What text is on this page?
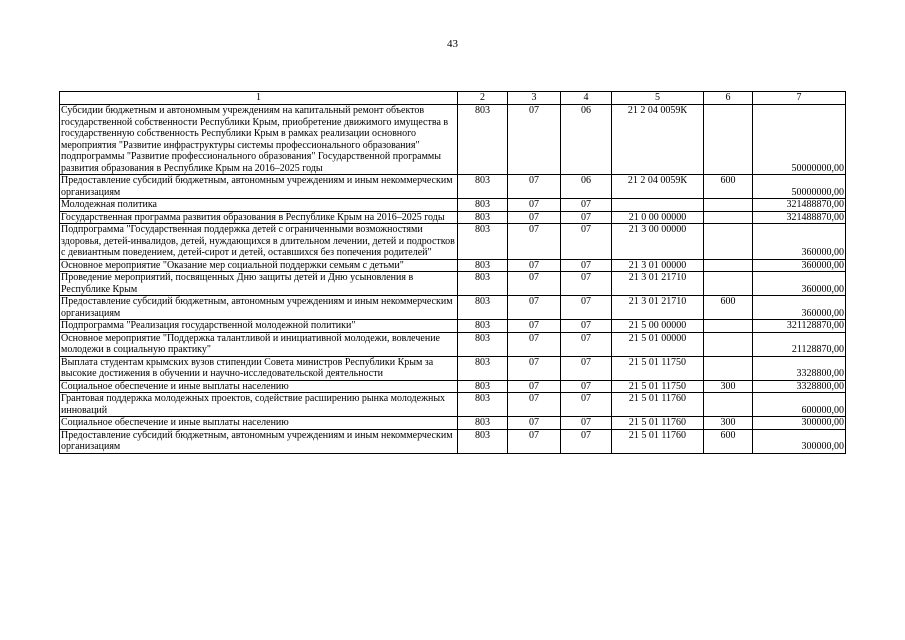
43
1	2	3	4	5	6	7
Субсидии бюджетным и автономным учреждениям на капитальный ремонт объектов государственной собственности Республики Крым, приобретение движимого имущества в государственную собственность Республики Крым в рамках реализации основного мероприятия "Развитие инфраструктуры системы профессионального образования" подпрограммы "Развитие профессионального образования" Государственной программы развития образования в Республике Крым на 2016–2025 годы	803	07	06	21 2 04 0059К		50000000,00
Предоставление субсидий бюджетным, автономным учреждениям и иным некоммерческим организациям	803	07	06	21 2 04 0059К	600	50000000,00
Молодежная политика	803	07	07			321488870,00
Государственная программа развития образования в Республике Крым на 2016–2025 годы	803	07	07	21 0 00 00000		321488870,00
Подпрограмма "Государственная поддержка детей с ограниченными возможностями здоровья, детей-инвалидов, детей, нуждающихся в длительном лечении, детей и подростков с девиантным поведением, детей-сирот и детей, оставшихся без попечения родителей"	803	07	07	21 3 00 00000		360000,00
Основное мероприятие "Оказание мер социальной поддержки семьям с детьми"	803	07	07	21 3 01 00000		360000,00
Проведение мероприятий, посвященных Дню защиты детей и Дню усыновления в Республике Крым	803	07	07	21 3 01 21710		360000,00
Предоставление субсидий бюджетным, автономным учреждениям и иным некоммерческим организациям	803	07	07	21 3 01 21710	600	360000,00
Подпрограмма "Реализация государственной молодежной политики"	803	07	07	21 5 00 00000		321128870,00
Основное мероприятие "Поддержка талантливой и инициативной молодежи, вовлечение молодежи в социальную практику"	803	07	07	21 5 01 00000		21128870,00
Выплата студентам крымских вузов стипендии Совета министров Республики Крым за высокие достижения в обучении и научно-исследовательской деятельности	803	07	07	21 5 01 11750		3328800,00
Социальное обеспечение и иные выплаты населению	803	07	07	21 5 01 11750	300	3328800,00
Грантовая поддержка молодежных проектов, содействие расширению рынка молодежных инноваций	803	07	07	21 5 01 11760		600000,00
Социальное обеспечение и иные выплаты населению	803	07	07	21 5 01 11760	300	300000,00
Предоставление субсидий бюджетным, автономным учреждениям и иным некоммерческим организациям	803	07	07	21 5 01 11760	600	300000,00
